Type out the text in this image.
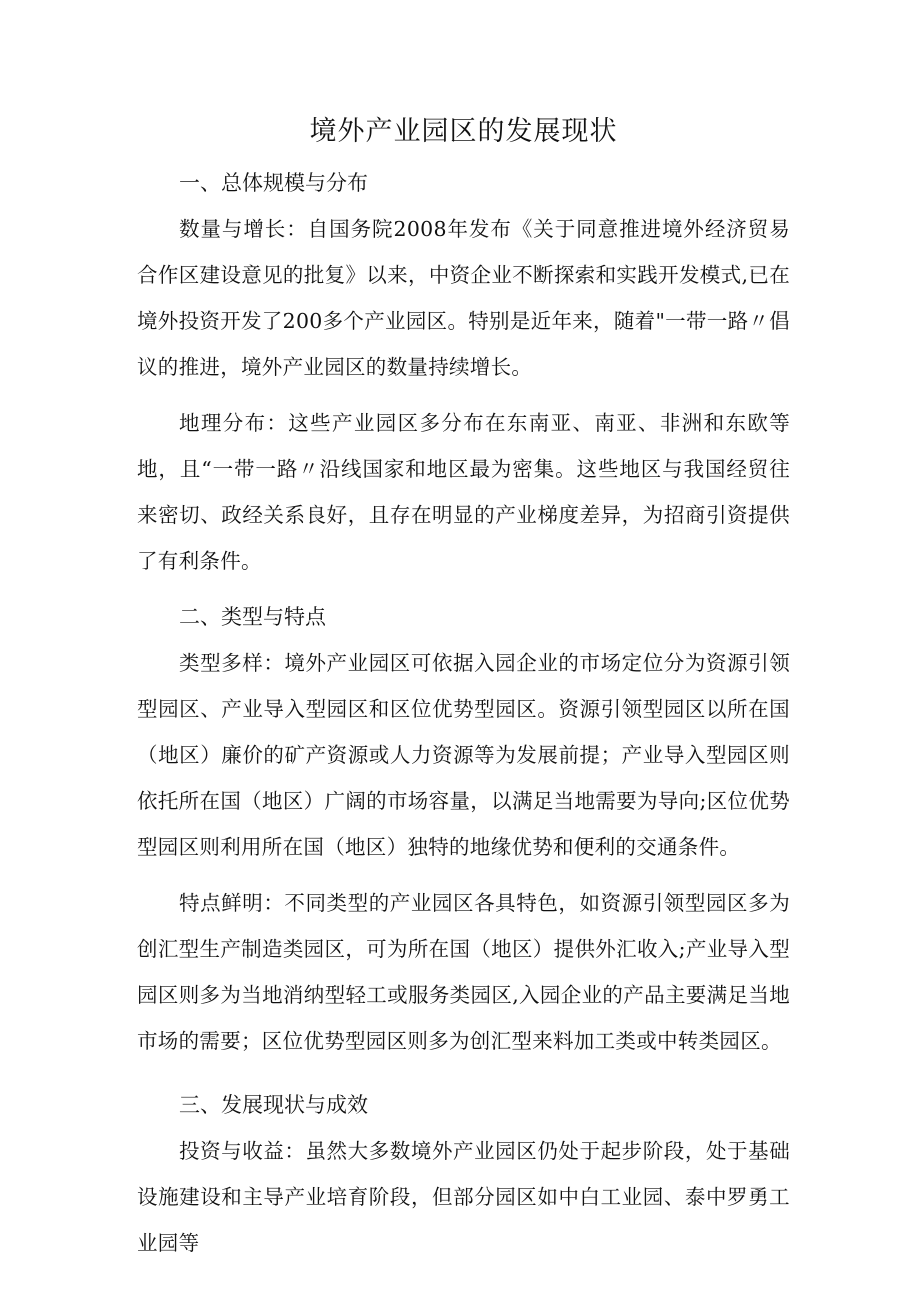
境外产业园区的发展现状
一、总体规模与分布

数量与增长：自国务院2008年发布《关于同意推进境外经济贸易合作区建设意见的批复》以来，中资企业不断探索和实践开发模式,已在境外投资开发了200多个产业园区。特别是近年来，随着"一带一路〃倡议的推进，境外产业园区的数量持续增长。

地理分布：这些产业园区多分布在东南亚、南亚、非洲和东欧等地，且“一带一路〃沿线国家和地区最为密集。这些地区与我国经贸往来密切、政经关系良好，且存在明显的产业梯度差异，为招商引资提供了有利条件。

二、类型与特点

类型多样：境外产业园区可依据入园企业的市场定位分为资源引领型园区、产业导入型园区和区位优势型园区。资源引领型园区以所在国（地区）廉价的矿产资源或人力资源等为发展前提；产业导入型园区则依托所在国（地区）广阔的市场容量，以满足当地需要为导向;区位优势型园区则利用所在国（地区）独特的地缘优势和便利的交通条件。

特点鲜明：不同类型的产业园区各具特色，如资源引领型园区多为创汇型生产制造类园区，可为所在国（地区）提供外汇收入;产业导入型园区则多为当地消纳型轻工或服务类园区,入园企业的产品主要满足当地市场的需要；区位优势型园区则多为创汇型来料加工类或中转类园区。

三、发展现状与成效

投资与收益：虽然大多数境外产业园区仍处于起步阶段，处于基础设施建设和主导产业培育阶段，但部分园区如中白工业园、泰中罗勇工业园等
